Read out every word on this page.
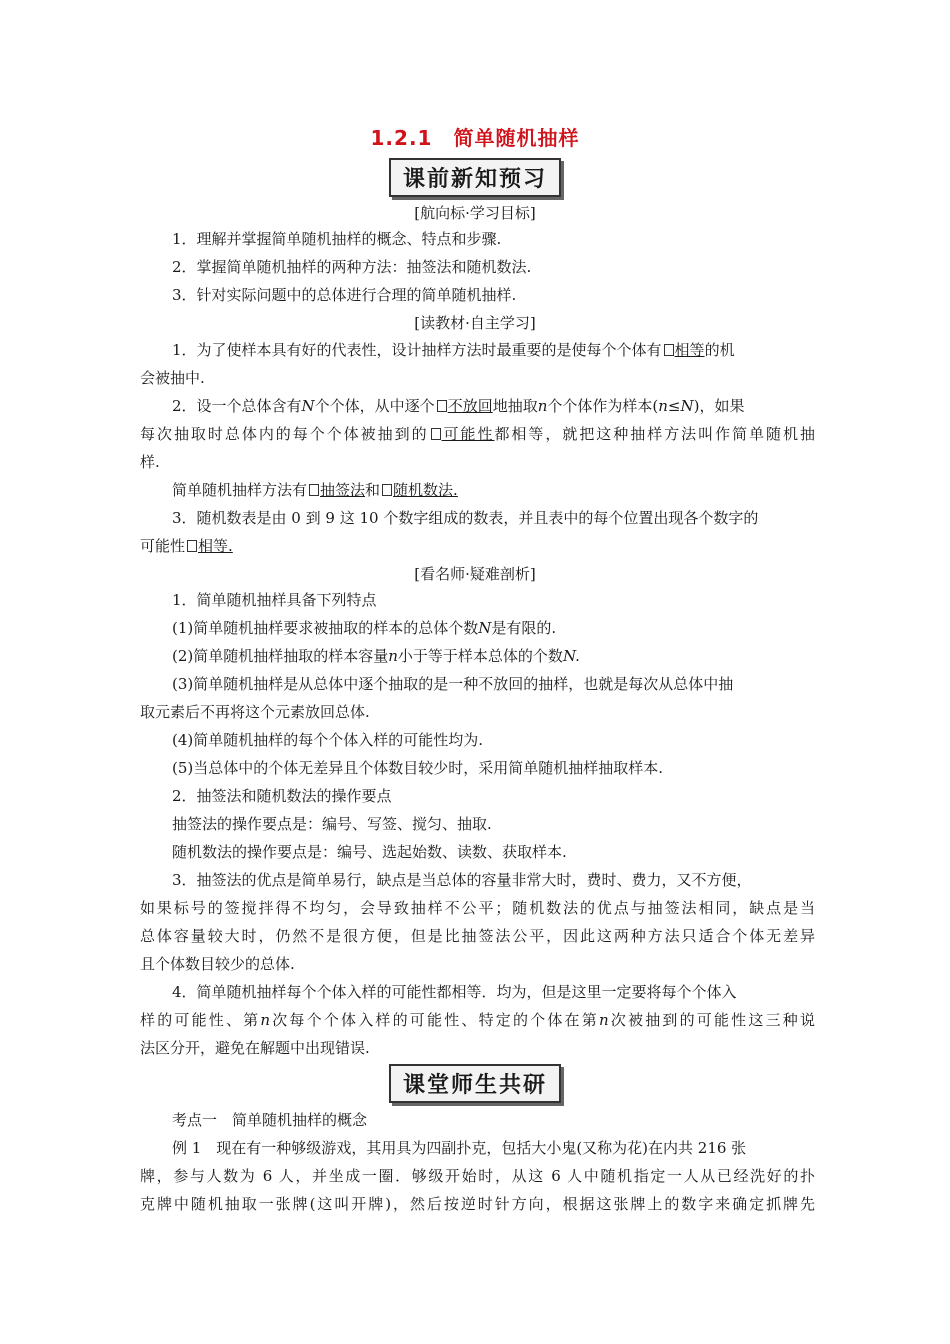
1.2.1　简单随机抽样
课前新知预习
[航向标·学习目标]
1．理解并掌握简单随机抽样的概念、特点和步骤.
2．掌握简单随机抽样的两种方法：抽签法和随机数法.
3．针对实际问题中的总体进行合理的简单随机抽样.
[读教材·自主学习]
1．为了使样本具有好的代表性，设计抽样方法时最重要的是使每个个体有 相等的机
会被抽中.
2．设一个总体含有N个个体，从中逐个 不放回地抽取n个个体作为样本(n≤N)，如果
每次抽取时总体内的每个个体被抽到的 可能性都相等，就把这种抽样方法叫作简单随机抽
样.
简单随机抽样方法有 抽签法和 随机数法.
3．随机数表是由 0 到 9 这 10 个数字组成的数表，并且表中的每个位置出现各个数字的
可能性 相等.
[看名师·疑难剖析]
1．简单随机抽样具备下列特点
(1)简单随机抽样要求被抽取的样本的总体个数N是有限的.
(2)简单随机抽样抽取的样本容量n小于等于样本总体的个数N.
(3)简单随机抽样是从总体中逐个抽取的是一种不放回的抽样，也就是每次从总体中抽
取元素后不再将这个元素放回总体.
(4)简单随机抽样的每个个体入样的可能性均为.
(5)当总体中的个体无差异且个体数目较少时，采用简单随机抽样抽取样本.
2．抽签法和随机数法的操作要点
抽签法的操作要点是：编号、写签、搅匀、抽取.
随机数法的操作要点是：编号、选起始数、读数、获取样本.
3．抽签法的优点是简单易行，缺点是当总体的容量非常大时，费时、费力，又不方便，
如果标号的签搅拌得不均匀，会导致抽样不公平；随机数法的优点与抽签法相同，缺点是当
总体容量较大时，仍然不是很方便，但是比抽签法公平，因此这两种方法只适合个体无差异
且个体数目较少的总体.
4．简单随机抽样每个个体入样的可能性都相等．均为，但是这里一定要将每个个体入
样的可能性、第n次每个个体入样的可能性、特定的个体在第n次被抽到的可能性这三种说
法区分开，避免在解题中出现错误.
课堂师生共研
考点一　简单随机抽样的概念
例 1　现在有一种够级游戏，其用具为四副扑克，包括大小鬼(又称为花)在内共 216 张
牌，参与人数为 6 人，并坐成一圈．够级开始时，从这 6 人中随机指定一人从已经洗好的扑
克牌中随机抽取一张牌(这叫开牌)，然后按逆时针方向，根据这张牌上的数字来确定抓牌先
